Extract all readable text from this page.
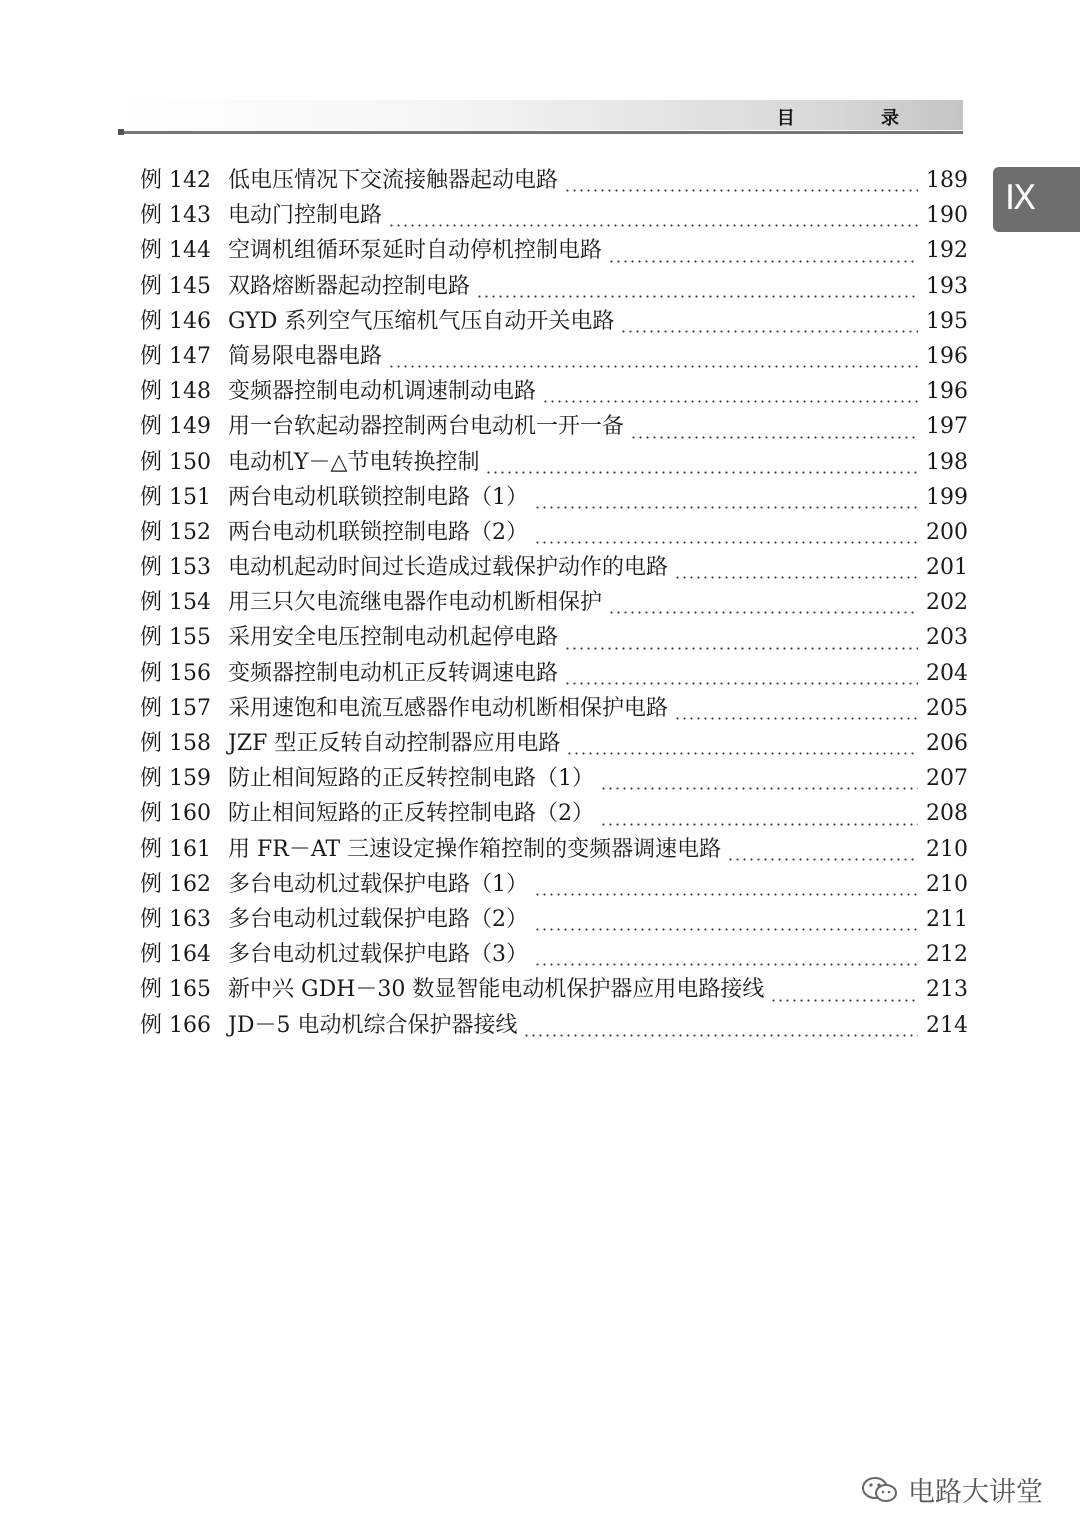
目 录
Ⅸ
例 142 低电压情况下交流接触器起动电路	189
例 143 电动门控制电路	190
例 144 空调机组循环泵延时自动停机控制电路	192
例 145 双路熔断器起动控制电路	193
例 146 GYD 系列空气压缩机气压自动开关电路	195
例 147 简易限电器电路	196
例 148 变频器控制电动机调速制动电路	196
例 149 用一台软起动器控制两台电动机一开一备	197
例 150 电动机Y－△节电转换控制	198
例 151 两台电动机联锁控制电路（1）	199
例 152 两台电动机联锁控制电路（2）	200
例 153 电动机起动时间过长造成过载保护动作的电路	201
例 154 用三只欠电流继电器作电动机断相保护	202
例 155 采用安全电压控制电动机起停电路	203
例 156 变频器控制电动机正反转调速电路	204
例 157 采用速饱和电流互感器作电动机断相保护电路	205
例 158 JZF 型正反转自动控制器应用电路	206
例 159 防止相间短路的正反转控制电路（1）	207
例 160 防止相间短路的正反转控制电路（2）	208
例 161 用 FR－AT 三速设定操作箱控制的变频器调速电路	210
例 162 多台电动机过载保护电路（1）	210
例 163 多台电动机过载保护电路（2）	211
例 164 多台电动机过载保护电路（3）	212
例 165 新中兴 GDH－30 数显智能电动机保护器应用电路接线	213
例 166 JD－5 电动机综合保护器接线	214
电路大讲堂
